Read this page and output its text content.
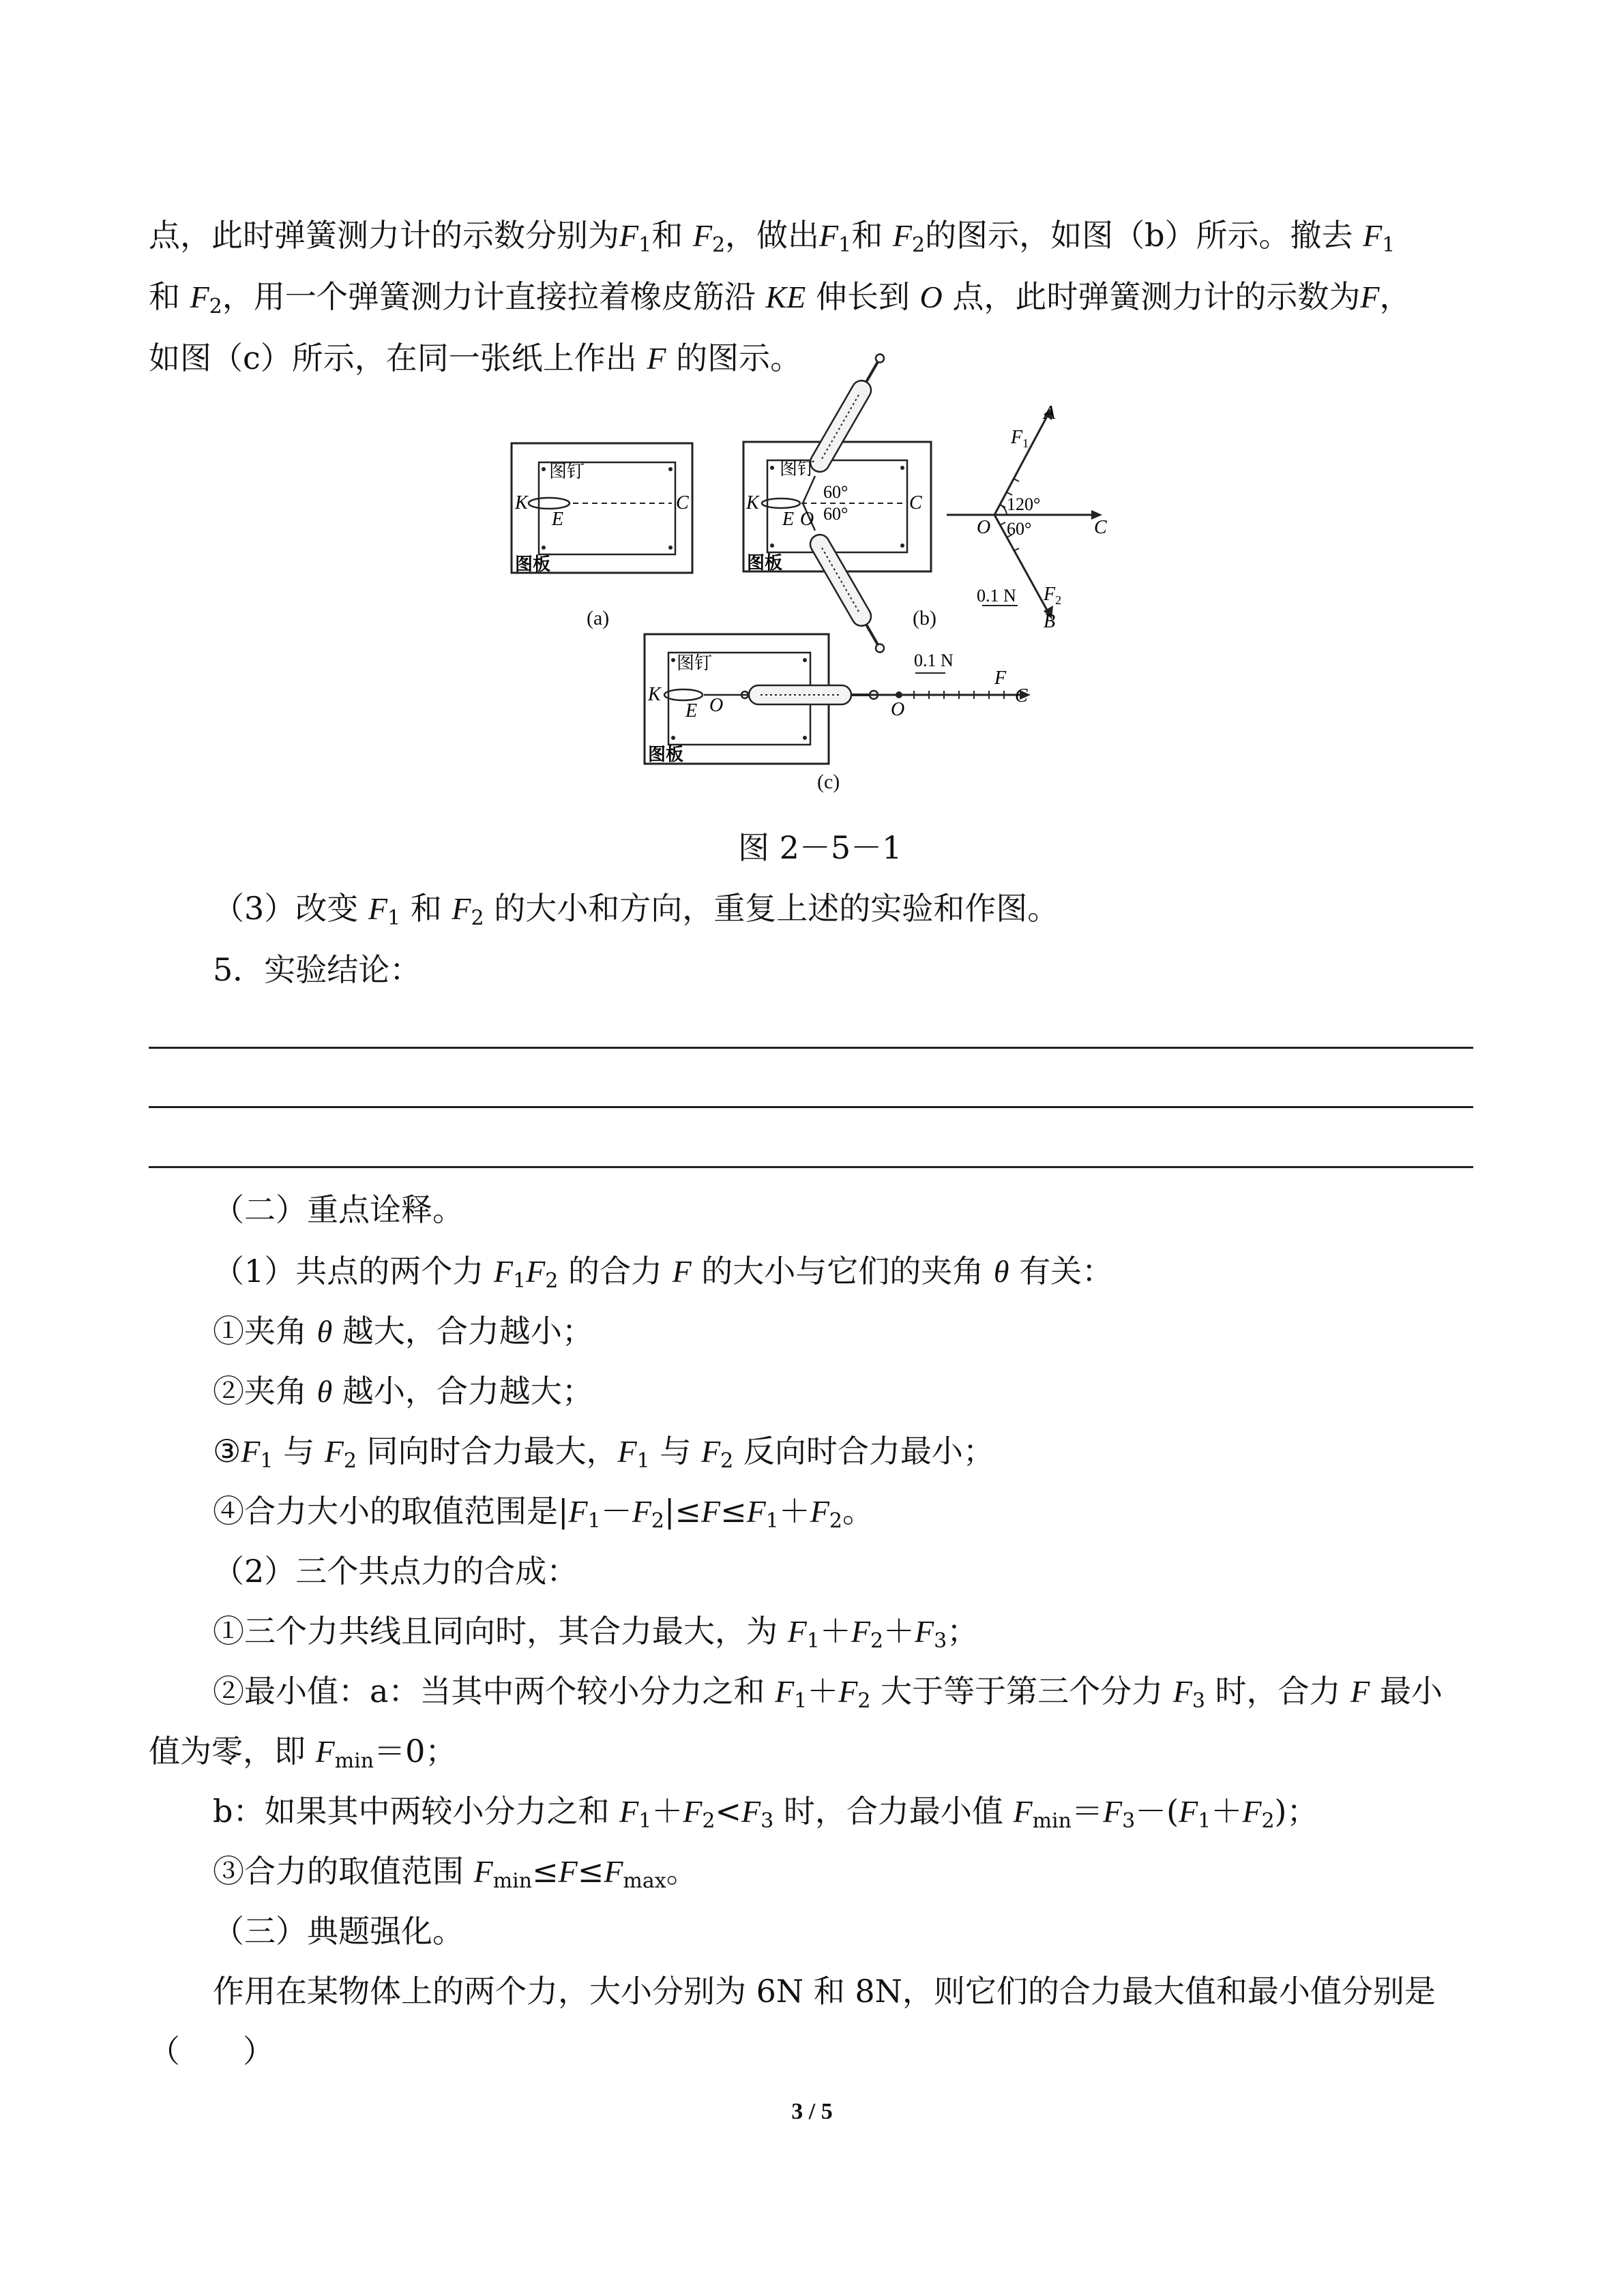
点，此时弹簧测力计的示数分别为$F_1$和 $F_2$，做出$F_1$和 $F_2$的图示，如图（b）所示。撤去 $F_1$
和 $F_2$，用一个弹簧测力计直接拉着橡皮筋沿 KE 伸长到 O 点，此时弹簧测力计的示数为F，
如图（c）所示，在同一张纸上作出 F 的图示。
图钉
K
E
C
图板
(a)
图钉
K
E O
60°
60°
C
图板
(b)
A
$F_1$
120°
60°
O	C
0.1 N $F_2$
B
图钉
K
E O	O
0.1 N
F
C
图板
(c)
图 2－5－1
（3）改变 $F_1$ 和 $F_2$ 的大小和方向，重复上述的实验和作图。
5．实验结论：
（二）重点诠释。
（1）共点的两个力 $F_1F_2$ 的合力 F 的大小与它们的夹角 θ 有关：
①夹角 θ 越大，合力越小；
②夹角 θ 越小，合力越大；
$③F_1$ 与 $F_2$ 同向时合力最大，$F_1$ 与 $F_2$ 反向时合力最小；
④合力大小的取值范围是$|F_1-F_2|\le F\le F_1+F_2$。
（2）三个共点力的合成：
①三个力共线且同向时，其合力最大，为 $F_1+F_2+F_3$；
②最小值：a：当其中两个较小分力之和 $F_1+F_2$ 大于等于第三个分力 $F_3$ 时，合力 F 最小
值为零，即 $F_{min}=0$；
b：如果其中两较小分力之和 $F_1+F_2<F_3$ 时，合力最小值 $F_{min}=F_3-(F_1+F_2)$；
③合力的取值范围 $F_{min}\le F\le F_{max}$。
（三）典题强化。
作用在某物体上的两个力，大小分别为 6N 和 8N，则它们的合力最大值和最小值分别是
（　　）
3 / 5
